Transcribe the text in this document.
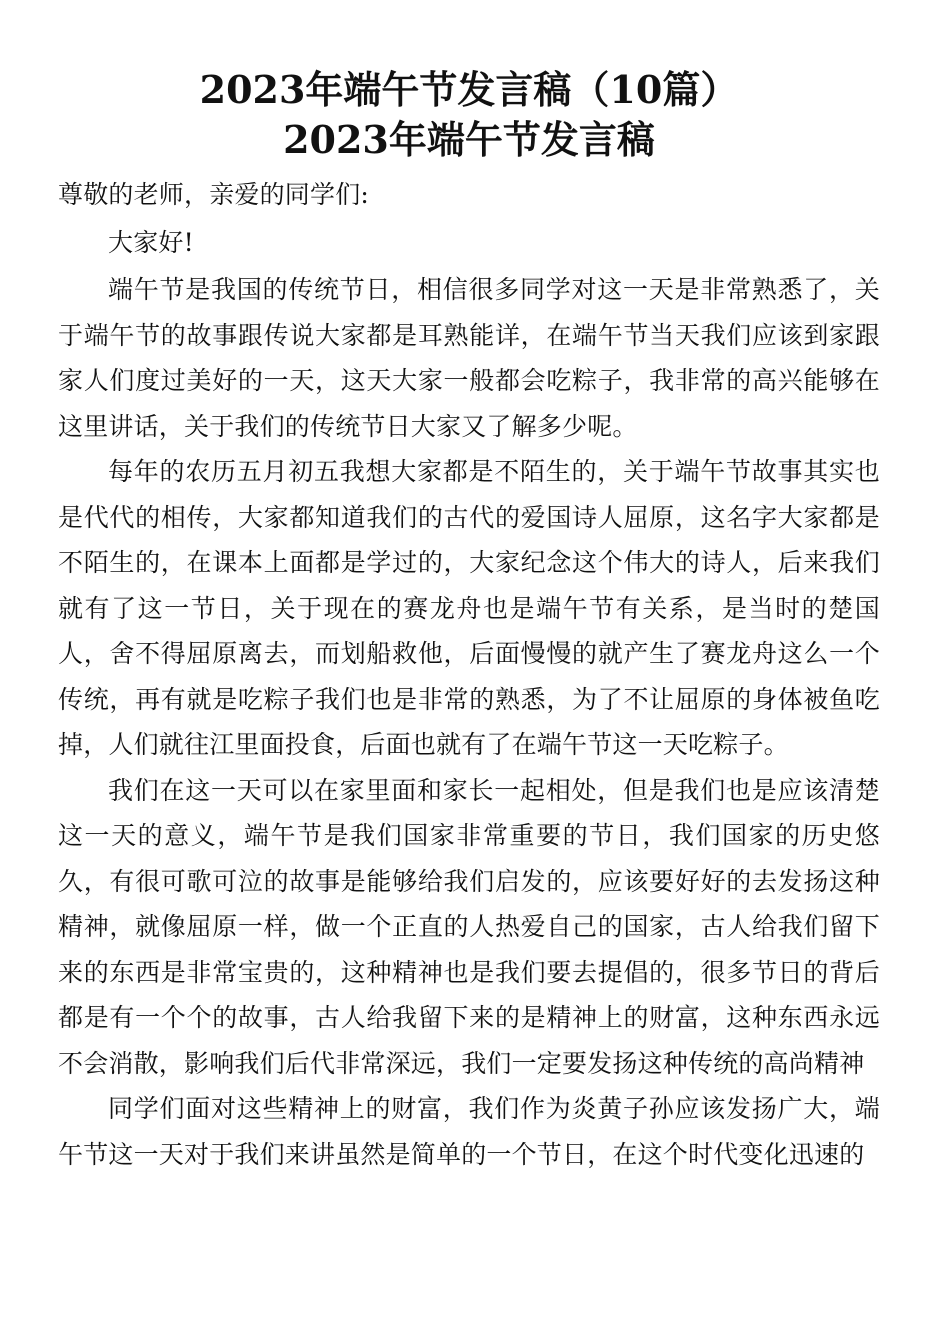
2023年端午节发言稿（10篇）
2023年端午节发言稿

尊敬的老师，亲爱的同学们:

大家好!

端午节是我国的传统节日，相信很多同学对这一天是非常熟悉了，关于端午节的故事跟传说大家都是耳熟能详，在端午节当天我们应该到家跟家人们度过美好的一天，这天大家一般都会吃粽子，我非常的高兴能够在这里讲话，关于我们的传统节日大家又了解多少呢。

每年的农历五月初五我想大家都是不陌生的，关于端午节故事其实也是代代的相传，大家都知道我们的古代的爱国诗人屈原，这名字大家都是不陌生的，在课本上面都是学过的，大家纪念这个伟大的诗人，后来我们就有了这一节日，关于现在的赛龙舟也是端午节有关系，是当时的楚国人，舍不得屈原离去，而划船救他，后面慢慢的就产生了赛龙舟这么一个传统，再有就是吃粽子我们也是非常的熟悉，为了不让屈原的身体被鱼吃掉，人们就往江里面投食，后面也就有了在端午节这一天吃粽子。

我们在这一天可以在家里面和家长一起相处，但是我们也是应该清楚这一天的意义，端午节是我们国家非常重要的节日，我们国家的历史悠久，有很可歌可泣的故事是能够给我们启发的，应该要好好的去发扬这种精神，就像屈原一样，做一个正直的人热爱自己的国家，古人给我们留下来的东西是非常宝贵的，这种精神也是我们要去提倡的，很多节日的背后都是有一个个的故事，古人给我留下来的是精神上的财富，这种东西永远不会消散，影响我们后代非常深远，我们一定要发扬这种传统的高尚精神

同学们面对这些精神上的财富，我们作为炎黄子孙应该发扬广大，端午节这一天对于我们来讲虽然是简单的一个节日，在这个时代变化迅速的
